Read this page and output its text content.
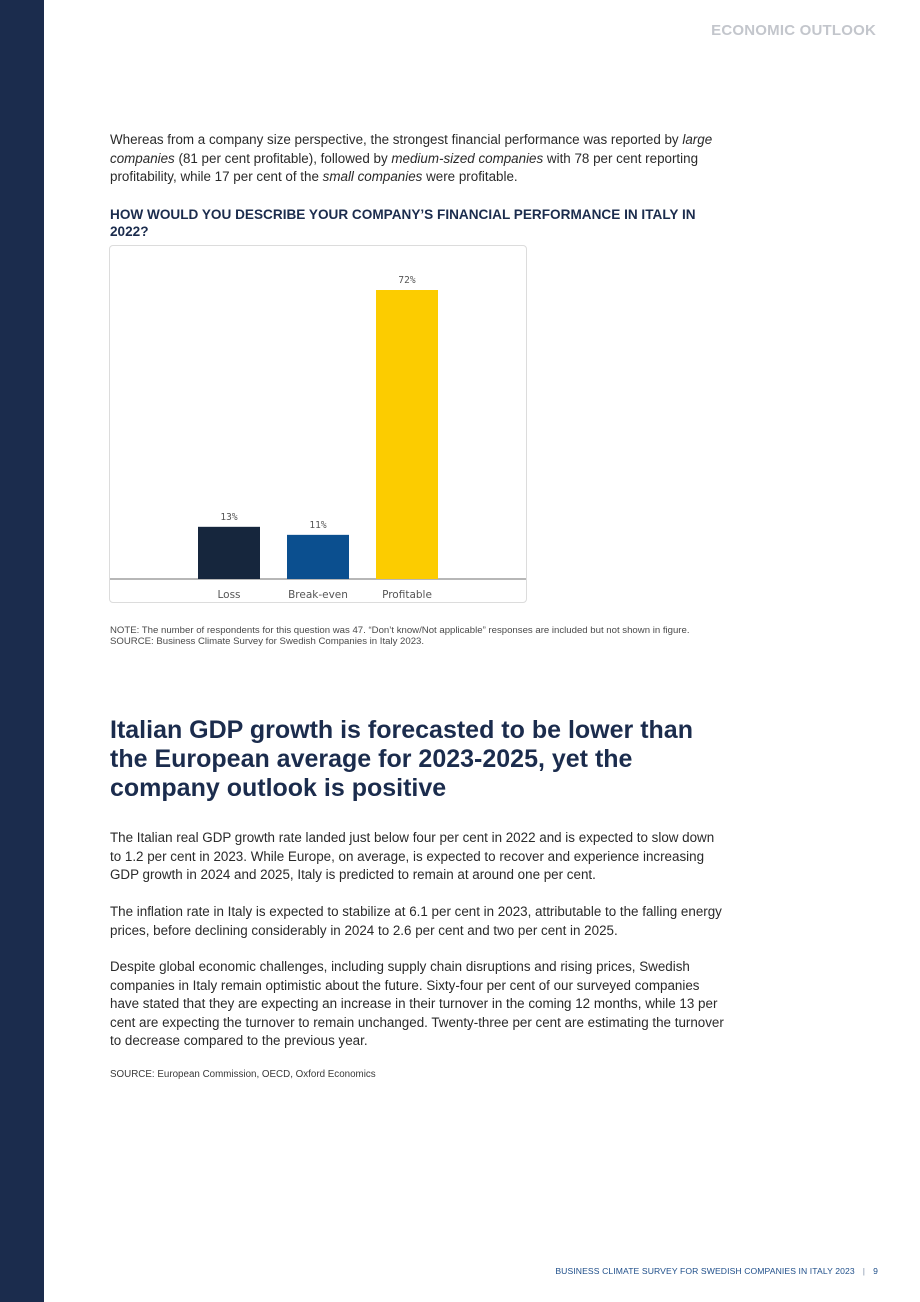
ECONOMIC OUTLOOK

Whereas from a company size perspective, the strongest financial performance was reported by large companies (81 per cent profitable), followed by medium-sized companies with 78 per cent reporting profitability, while 17 per cent of the small companies were profitable.

HOW WOULD YOU DESCRIBE YOUR COMPANY’S FINANCIAL PERFORMANCE IN ITALY IN 2022?
13%
Loss
11%
Break-even
72%
Profitable

NOTE: The number of respondents for this question was 47. “Don’t know/Not applicable” responses are included but not shown in figure.
SOURCE: Business Climate Survey for Swedish Companies in Italy 2023.

Italian GDP growth is forecasted to be lower than the European average for 2023-2025, yet the company outlook is positive

The Italian real GDP growth rate landed just below four per cent in 2022 and is expected to slow down to 1.2 per cent in 2023. While Europe, on average, is expected to recover and experience increasing GDP growth in 2024 and 2025, Italy is predicted to remain at around one per cent.

The inflation rate in Italy is expected to stabilize at 6.1 per cent in 2023, attributable to the falling energy prices, before declining considerably in 2024 to 2.6 per cent and two per cent in 2025.

Despite global economic challenges, including supply chain disruptions and rising prices, Swedish companies in Italy remain optimistic about the future. Sixty-four per cent of our surveyed companies have stated that they are expecting an increase in their turnover in the coming 12 months, while 13 per cent are expecting the turnover to remain unchanged. Twenty-three per cent are estimating the turnover to decrease compared to the previous year.

SOURCE: European Commission, OECD, Oxford Economics

BUSINESS CLIMATE SURVEY FOR SWEDISH COMPANIES IN ITALY 2023 | 9
